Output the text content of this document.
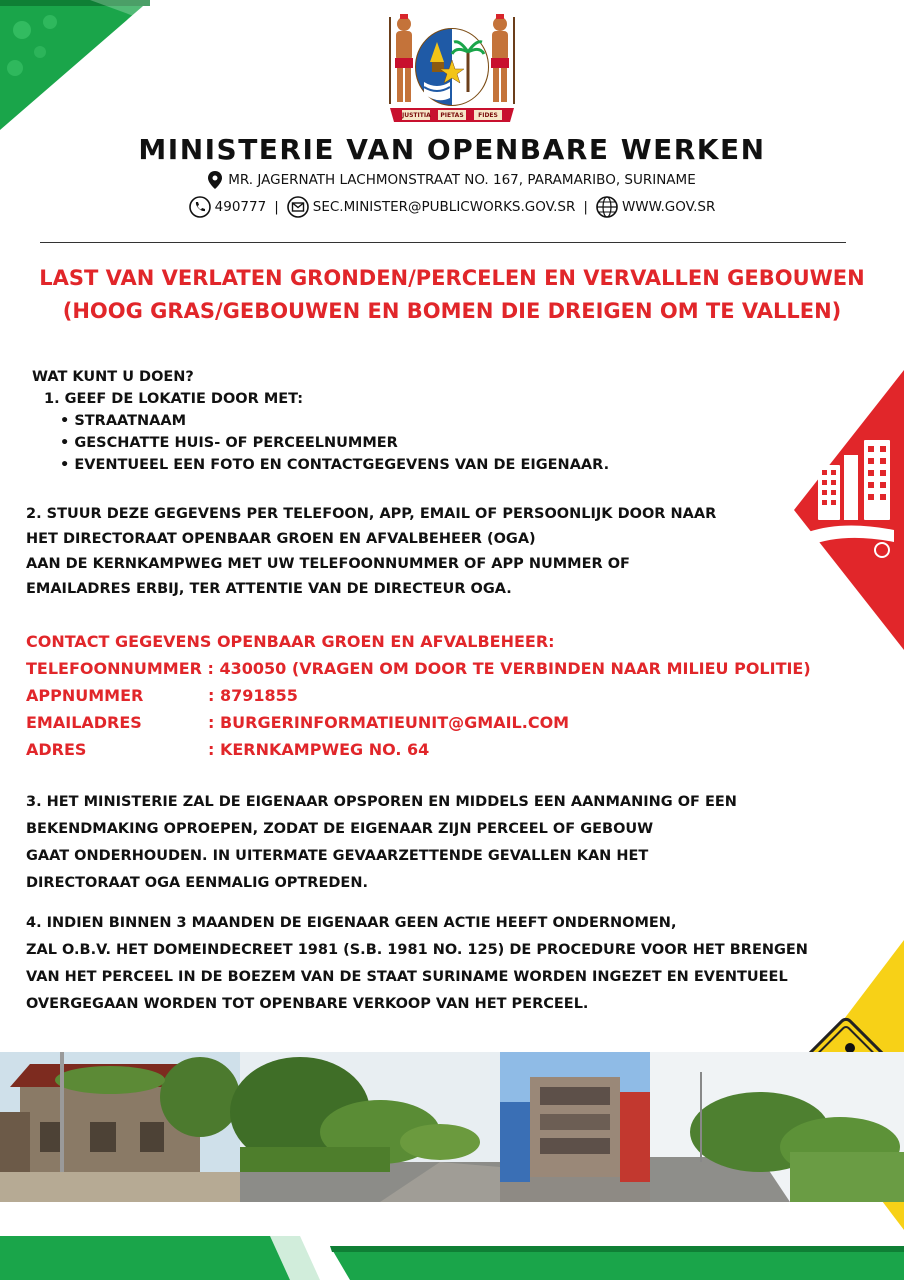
JUSTITIA	PIETAS	FIDES
MINISTERIE VAN OPENBARE WERKEN
MR. JAGERNATH LACHMONSTRAAT NO. 167, PARAMARIBO, SURINAME
490777 |	SEC.MINISTER@PUBLICWORKS.GOV.SR |	WWW.GOV.SR
LAST VAN VERLATEN GRONDEN/PERCELEN EN VERVALLEN GEBOUWEN
(HOOG GRAS/GEBOUWEN EN BOMEN DIE DREIGEN OM TE VALLEN)
WAT KUNT U DOEN?
1. GEEF DE LOKATIE DOOR MET:
• STRAATNAAM
• GESCHATTE HUIS- OF PERCEELNUMMER
• EVENTUEEL EEN FOTO EN CONTACTGEGEVENS VAN DE EIGENAAR.
2. STUUR DEZE GEGEVENS PER TELEFOON, APP, EMAIL OF PERSOONLIJK DOOR NAAR
HET DIRECTORAAT OPENBAAR GROEN EN AFVALBEHEER (OGA)
AAN DE KERNKAMPWEG MET UW TELEFOONNUMMER OF APP NUMMER OF
EMAILADRES ERBIJ, TER ATTENTIE VAN DE DIRECTEUR OGA.
CONTACT GEGEVENS OPENBAAR GROEN EN AFVALBEHEER:
TELEFOONNUMMER : 430050 (VRAGEN OM DOOR TE VERBINDEN NAAR MILIEU POLITIE)
APPNUMMER	: 8791855
EMAILADRES	: BURGERINFORMATIEUNIT@GMAIL.COM
ADRES	: KERNKAMPWEG NO. 64
3. HET MINISTERIE ZAL DE EIGENAAR OPSPOREN EN MIDDELS EEN AANMANING OF EEN
BEKENDMAKING OPROEPEN, ZODAT DE EIGENAAR ZIJN PERCEEL OF GEBOUW
GAAT ONDERHOUDEN. IN UITERMATE GEVAARZETTENDE GEVALLEN KAN HET
DIRECTORAAT OGA EENMALIG OPTREDEN.
4. INDIEN BINNEN 3 MAANDEN DE EIGENAAR GEEN ACTIE HEEFT ONDERNOMEN,
ZAL O.B.V. HET DOMEINDECREET 1981 (S.B. 1981 NO. 125) DE PROCEDURE VOOR HET BRENGEN
VAN HET PERCEEL IN DE BOEZEM VAN DE STAAT SURINAME WORDEN INGEZET EN EVENTUEEL
OVERGEGAAN WORDEN TOT OPENBARE VERKOOP VAN HET PERCEEL.
